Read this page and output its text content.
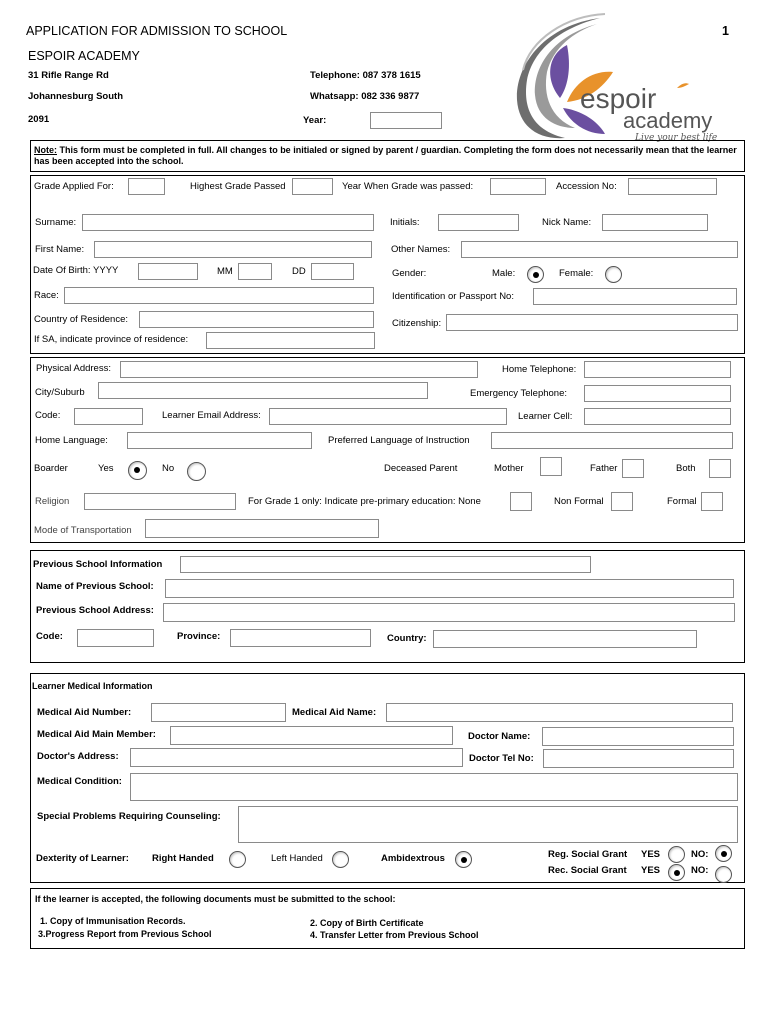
APPLICATION FOR ADMISSION TO SCHOOL	1
ESPOIR ACADEMY
31 Rifle Range Rd
Johannesburg South
2091
Telephone: 087 378 1615
Whatsapp: 082 336 9877
Year:
espoir
academy
Live your best life
Note: This form must be completed in full. All changes to be initialed or signed by parent / guardian. Completing the form does not necessarily mean that the learner has been accepted into the school.
Grade Applied For:	Highest Grade Passed	Year When Grade was passed:	Accession No:
Surname:	Initials:	Nick Name:
First Name:	Other Names:
Date Of Birth: YYYY	MM	DD	Gender:	Male:	Female:
Race:	Identification or Passport No:
Country of Residence:	Citizenship:
If SA, indicate province of residence:
Physical Address:	Home Telephone:
City/Suburb	Emergency Telephone:
Code:	Learner Email Address:	Learner Cell:
Home Language:	Preferred Language of Instruction
Boarder	Yes	No	Deceased Parent	Mother	Father	Both
Religion	For Grade 1 only: Indicate pre-primary education: None	Non Formal	Formal
Mode of Transportation
Previous School Information
Name of Previous School:
Previous School Address:
Code:	Province:	Country:
Learner Medical Information
Medical Aid Number:	Medical Aid Name:
Medical Aid Main Member:	Doctor Name:
Doctor's Address:	Doctor Tel No:
Medical Condition:
Special Problems Requiring Counseling:
Dexterity of Learner: Right Handed	Left Handed	Ambidextrous	Reg. Social Grant YES	NO:
Rec. Social Grant YES	NO:
If the learner is accepted, the following documents must be submitted to the school:
1. Copy of Immunisation Records.	2. Copy of Birth Certificate
3.Progress Report from Previous School	4. Transfer Letter from Previous School
